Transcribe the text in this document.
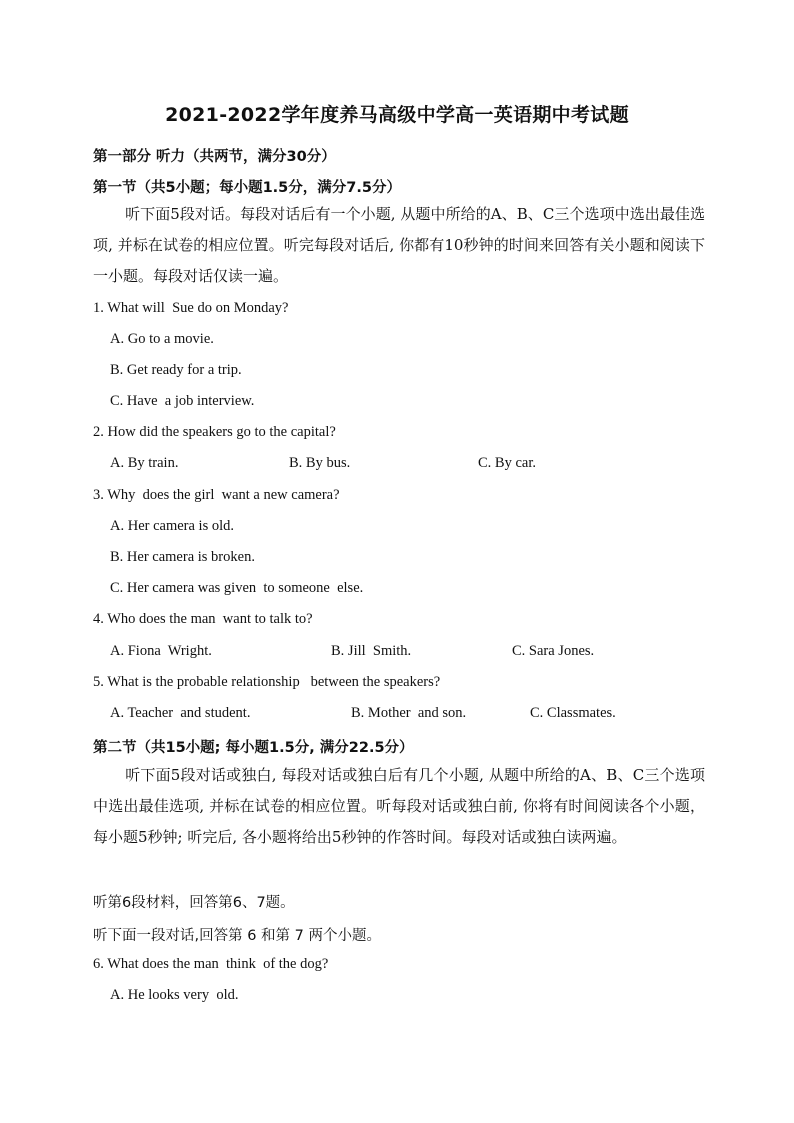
2021-2022学年度养马高级中学高一英语期中考试题
第一部分 听力（共两节，满分30分）
第一节（共5小题；每小题1.5分，满分7.5分）
听下面5段对话。每段对话后有一个小题, 从题中所给的A、B、C三个选项中选出最佳选项, 并标在试卷的相应位置。听完每段对话后, 你都有10秒钟的时间来回答有关小题和阅读下一小题。每段对话仅读一遍。
1. What will  Sue do on Monday?
A. Go to a movie.
B. Get ready for a trip.
C. Have  a job interview.
2. How did the speakers go to the capital?
A. By train.	B. By bus.	C. By car.
3. Why  does the girl  want a new camera?
A. Her camera is old.
B. Her camera is broken.
C. Her camera was given  to someone  else.
4. Who does the man  want to talk to?
A. Fiona  Wright.	B. Jill  Smith.	C. Sara Jones.
5. What is the probable relationship   between the speakers?
A. Teacher  and student.	B. Mother  and son.	C. Classmates.
第二节（共15小题; 每小题1.5分, 满分22.5分）
听下面5段对话或独白, 每段对话或独白后有几个小题, 从题中所给的A、B、C三个选项中选出最佳选项, 并标在试卷的相应位置。听每段对话或独白前, 你将有时间阅读各个小题，每小题5秒钟; 听完后, 各小题将给出5秒钟的作答时间。每段对话或独白读两遍。
听第6段材料，回答第6、7题。
听下面一段对话,回答第 6 和第 7 两个小题。
6. What does the man  think  of the dog?
A. He looks very  old.
